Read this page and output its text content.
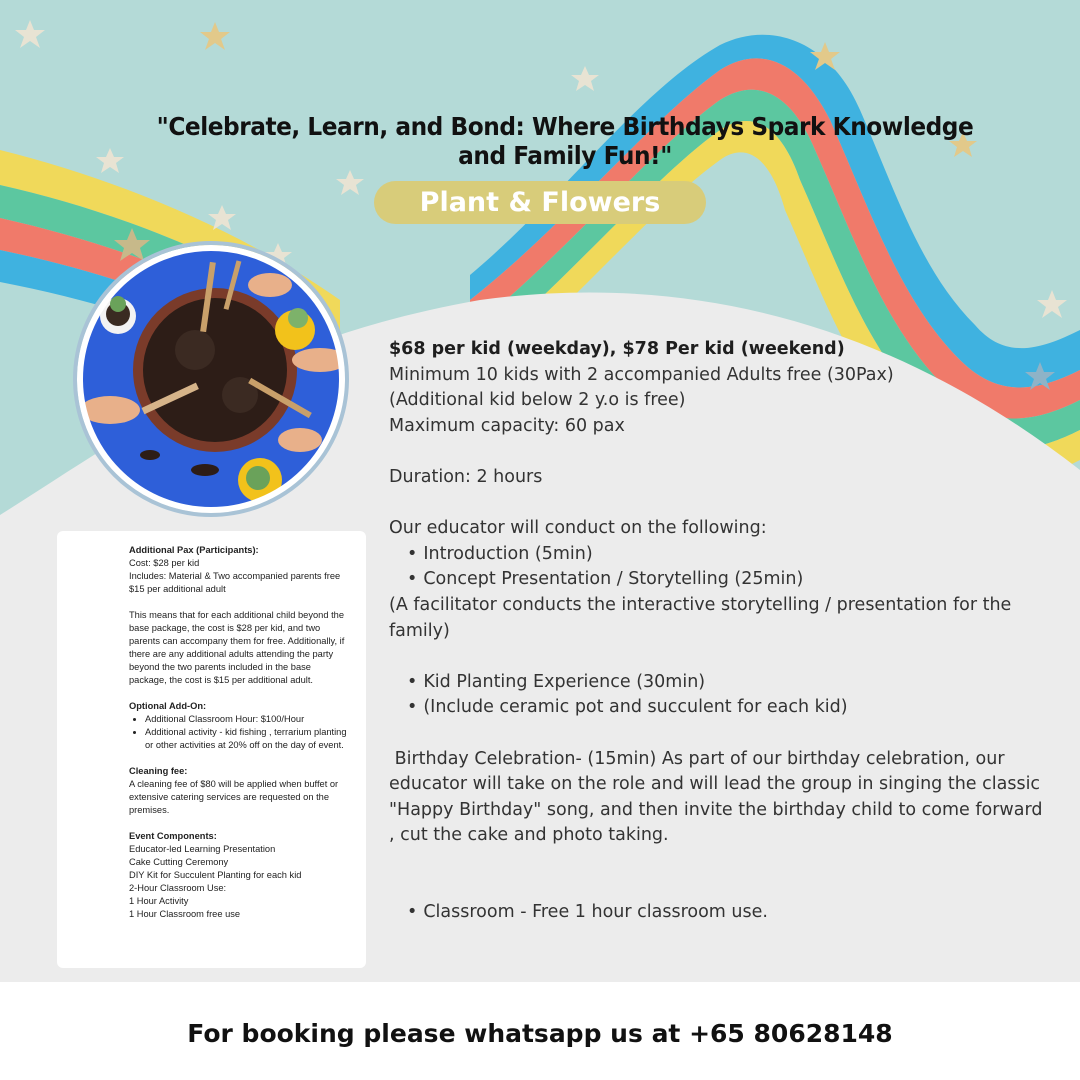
"Celebrate, Learn, and Bond: Where Birthdays Spark Knowledge and Family Fun!"
Plant & Flowers
$68 per kid (weekday), $78 Per kid (weekend)
Minimum 10 kids with 2 accompanied Adults free (30Pax)
(Additional kid below 2 y.o is free)
Maximum capacity: 60 pax
Duration: 2 hours
Our educator will conduct on the following:
• Introduction (5min)
• Concept Presentation / Storytelling (25min)
(A facilitator conducts the interactive storytelling / presentation for the family)
• Kid Planting Experience (30min)
• (Include ceramic pot and succulent for each kid)
Birthday Celebration- (15min) As part of our birthday celebration, our educator will take on the role and will lead the group in singing the classic "Happy Birthday" song, and then invite the birthday child to come forward , cut the cake and photo taking.
• Classroom - Free 1 hour classroom use.
Additional Pax (Participants):
Cost: $28 per kid
Includes: Material & Two accompanied parents free
$15 per additional adult
This means that for each additional child beyond the base package, the cost is $28 per kid, and two parents can accompany them for free. Additionally, if there are any additional adults attending the party beyond the two parents included in the base package, the cost is $15 per additional adult.
Optional Add-On:
• Additional Classroom Hour: $100/Hour
• Additional activity - kid fishing , terrarium planting or other activities at 20% off on the day of event.
Cleaning fee:
A cleaning fee of $80 will be applied when buffet or extensive catering services are requested on the premises.
Event Components:
Educator-led Learning Presentation
Cake Cutting Ceremony
DIY Kit for Succulent Planting for each kid
2-Hour Classroom Use:
1 Hour Activity
1 Hour Classroom free use
For booking please whatsapp us at +65 80628148
